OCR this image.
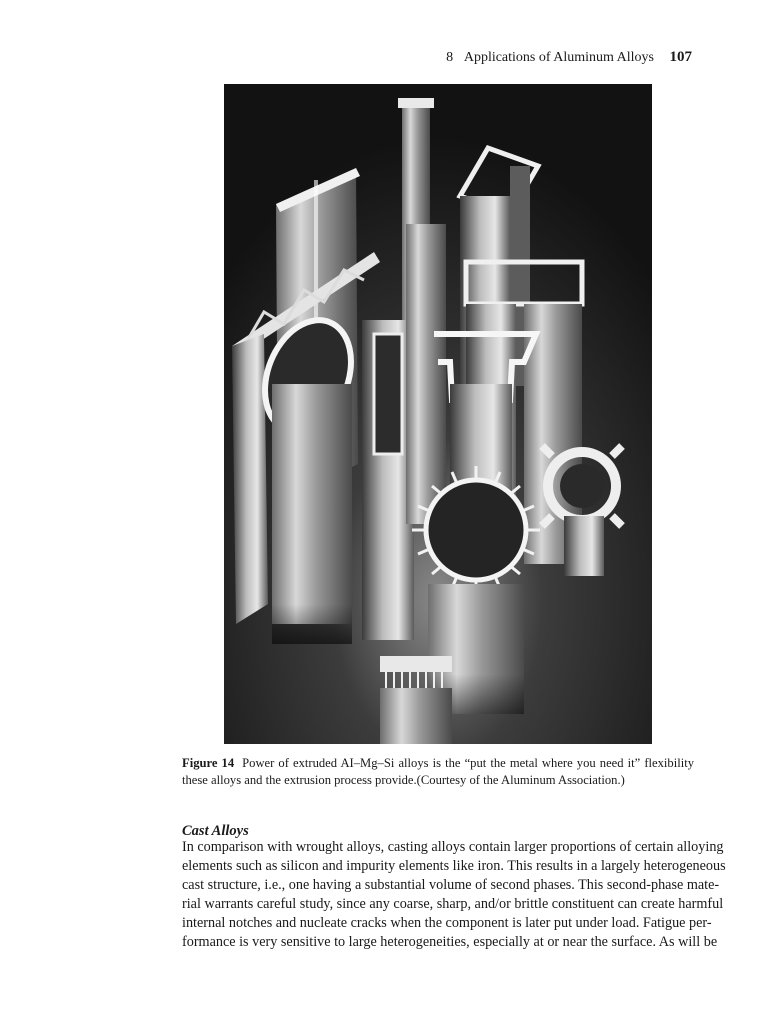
8 Applications of Aluminum Alloys 107
Figure 14 Power of extruded AI–Mg–Si alloys is the “put the metal where you need it” flexibility these alloys and the extrusion process provide.(Courtesy of the Aluminum Association.)
Cast Alloys
In comparison with wrought alloys, casting alloys contain larger proportions of certain alloying
elements such as silicon and impurity elements like iron. This results in a largely heterogeneous
cast structure, i.e., one having a substantial volume of second phases. This second-phase mate-
rial warrants careful study, since any coarse, sharp, and/or brittle constituent can create harmful
internal notches and nucleate cracks when the component is later put under load. Fatigue per-
formance is very sensitive to large heterogeneities, especially at or near the surface. As will be
